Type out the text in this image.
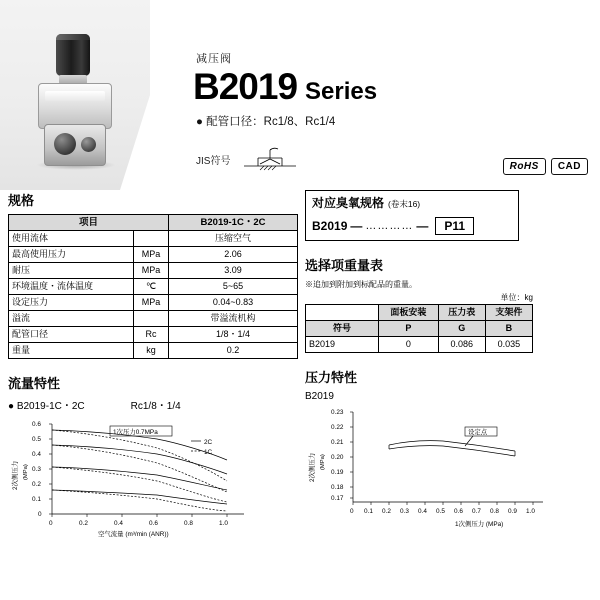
减压阀
B2019 Series
● 配管口径：Rc1/8、Rc1/4
JIS符号	RoHS	CAD
规格
项目		B2019-1C・2C
使用流体		压缩空气
最高使用压力	MPa	2.06
耐压	MPa	3.09
环境温度・流体温度	℃	5~65
设定压力	MPa	0.04~0.83
溢流		带溢流机构
配管口径	Rc	1/8・1/4
重量	kg	0.2
流量特性
● B2019-1C・2C	Rc1/8・1/4
2次侧压力 (MPa)
0
0.1
0.2
0.3
0.4
0.5
0.6
0	0.2	0.4	0.6	0.8	1.0
1次压力0.7MPa
2C
1C
空气流量 (m³/min (ANR))
对应臭氧规格 (卷末16)
B2019 — ………… —	P11
选择项重量表
※追加到附加到标配品的重量。
单位：kg
	面板安装	压力表	支架件
符号	P	G	B
B2019	0	0.086	0.035
压力特性
B2019
2次侧压力 (MPa)
0.23
0.22
0.21
0.20
0.19
0.18
0.17
0 0.1 0.2 0.3 0.4 0.5 0.6 0.7 0.8 0.9 1.0
设定点
1次侧压力 (MPa)
